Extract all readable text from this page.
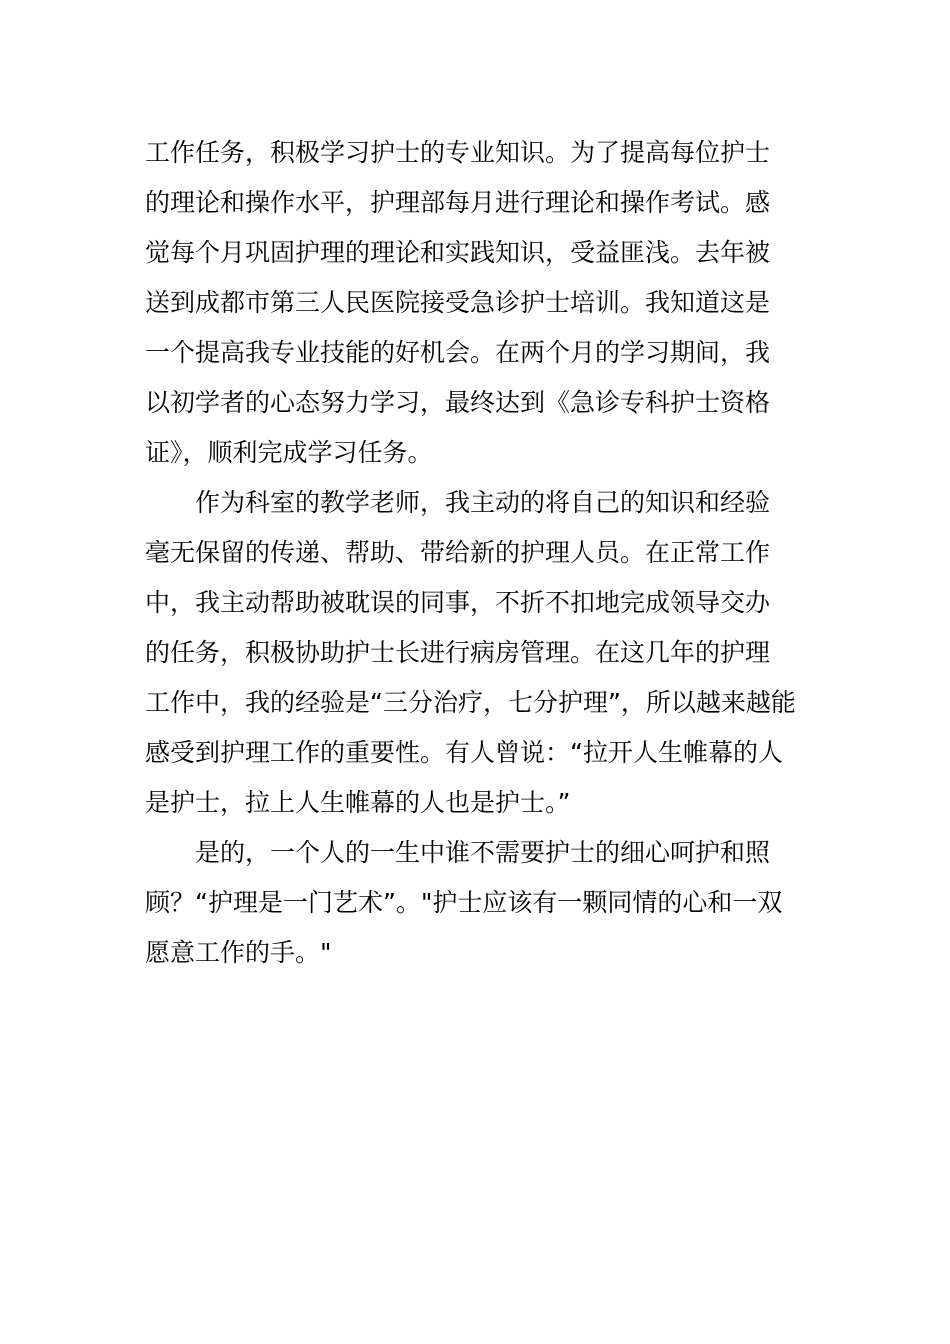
工作任务，积极学习护士的专业知识。为了提高每位护士
的理论和操作水平，护理部每月进行理论和操作考试。感
觉每个月巩固护理的理论和实践知识，受益匪浅。去年被
送到成都市第三人民医院接受急诊护士培训。我知道这是
一个提高我专业技能的好机会。在两个月的学习期间，我
以初学者的心态努力学习，最终达到《急诊专科护士资格
证》，顺利完成学习任务。
　　作为科室的教学老师，我主动的将自己的知识和经验
毫无保留的传递、帮助、带给新的护理人员。在正常工作
中，我主动帮助被耽误的同事，不折不扣地完成领导交办
的任务，积极协助护士长进行病房管理。在这几年的护理
工作中，我的经验是“三分治疗，七分护理”，所以越来越能
感受到护理工作的重要性。有人曾说：“拉开人生帷幕的人
是护士，拉上人生帷幕的人也是护士。”
　　是的，一个人的一生中谁不需要护士的细心呵护和照
顾？“护理是一门艺术”。"护士应该有一颗同情的心和一双
愿意工作的手。"
